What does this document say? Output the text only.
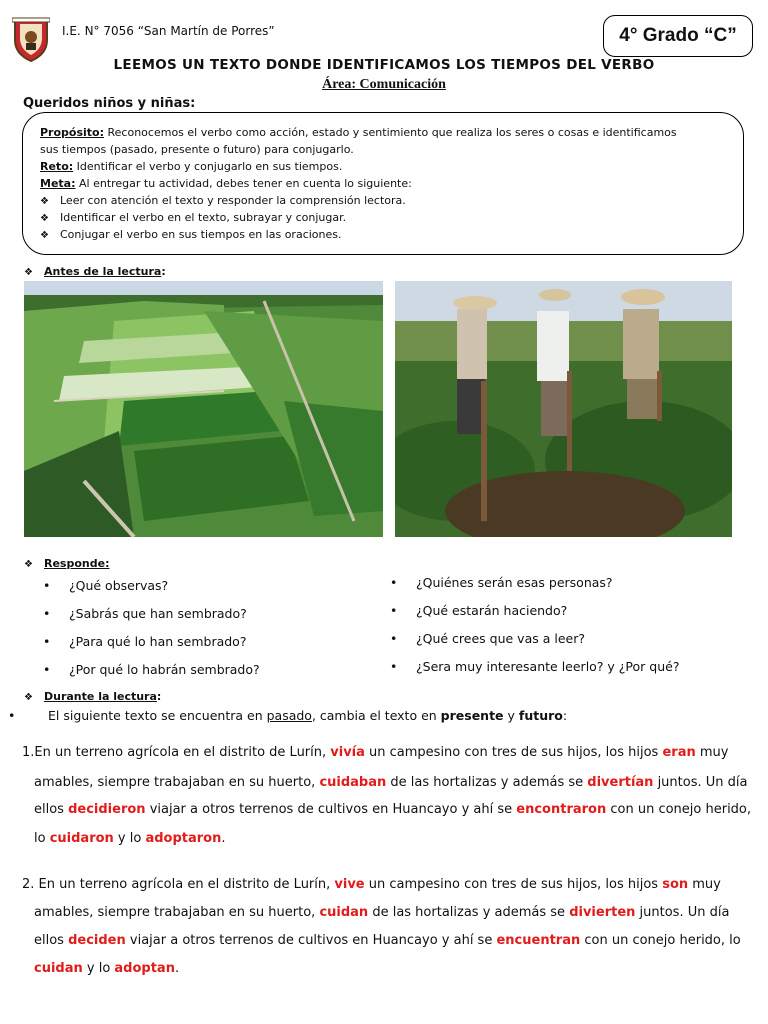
I.E. N° 7056 “San Martín de Porres”	4° Grado “C”
LEEMOS UN TEXTO DONDE IDENTIFICAMOS LOS TIEMPOS DEL VERBO
Área: Comunicación
Queridos niños y niñas:
Propósito: Reconocemos el verbo como acción, estado y sentimiento que realiza los seres o cosas e identificamos
sus tiempos (pasado, presente o futuro) para conjugarlo.
Reto: Identificar el verbo y conjugarlo en sus tiempos.
Meta: Al entregar tu actividad, debes tener en cuenta lo siguiente:
❖ Leer con atención el texto y responder la comprensión lectora.
❖ Identificar el verbo en el texto, subrayar y conjugar.
❖ Conjugar el verbo en sus tiempos en las oraciones.
❖ Antes de la lectura:
❖ Responde:
• ¿Qué observas?
• ¿Sabrás que han sembrado?
• ¿Para qué lo han sembrado?
• ¿Por qué lo habrán sembrado?
• ¿Quiénes serán esas personas?
• ¿Qué estarán haciendo?
• ¿Qué crees que vas a leer?
• ¿Sera muy interesante leerlo? y ¿Por qué?
❖ Durante la lectura:
•	El siguiente texto se encuentra en pasado, cambia el texto en presente y futuro:
1.En un terreno agrícola en el distrito de Lurín, vivía un campesino con tres de sus hijos, los hijos eran muy
amables, siempre trabajaban en su huerto, cuidaban de las hortalizas y además se divertían juntos. Un día
ellos decidieron viajar a otros terrenos de cultivos en Huancayo y ahí se encontraron con un conejo herido,
lo cuidaron y lo adoptaron.
2. En un terreno agrícola en el distrito de Lurín, vive un campesino con tres de sus hijos, los hijos son muy
amables, siempre trabajaban en su huerto, cuidan de las hortalizas y además se divierten juntos. Un día
ellos deciden viajar a otros terrenos de cultivos en Huancayo y ahí se encuentran con un conejo herido, lo
cuidan y lo adoptan.
